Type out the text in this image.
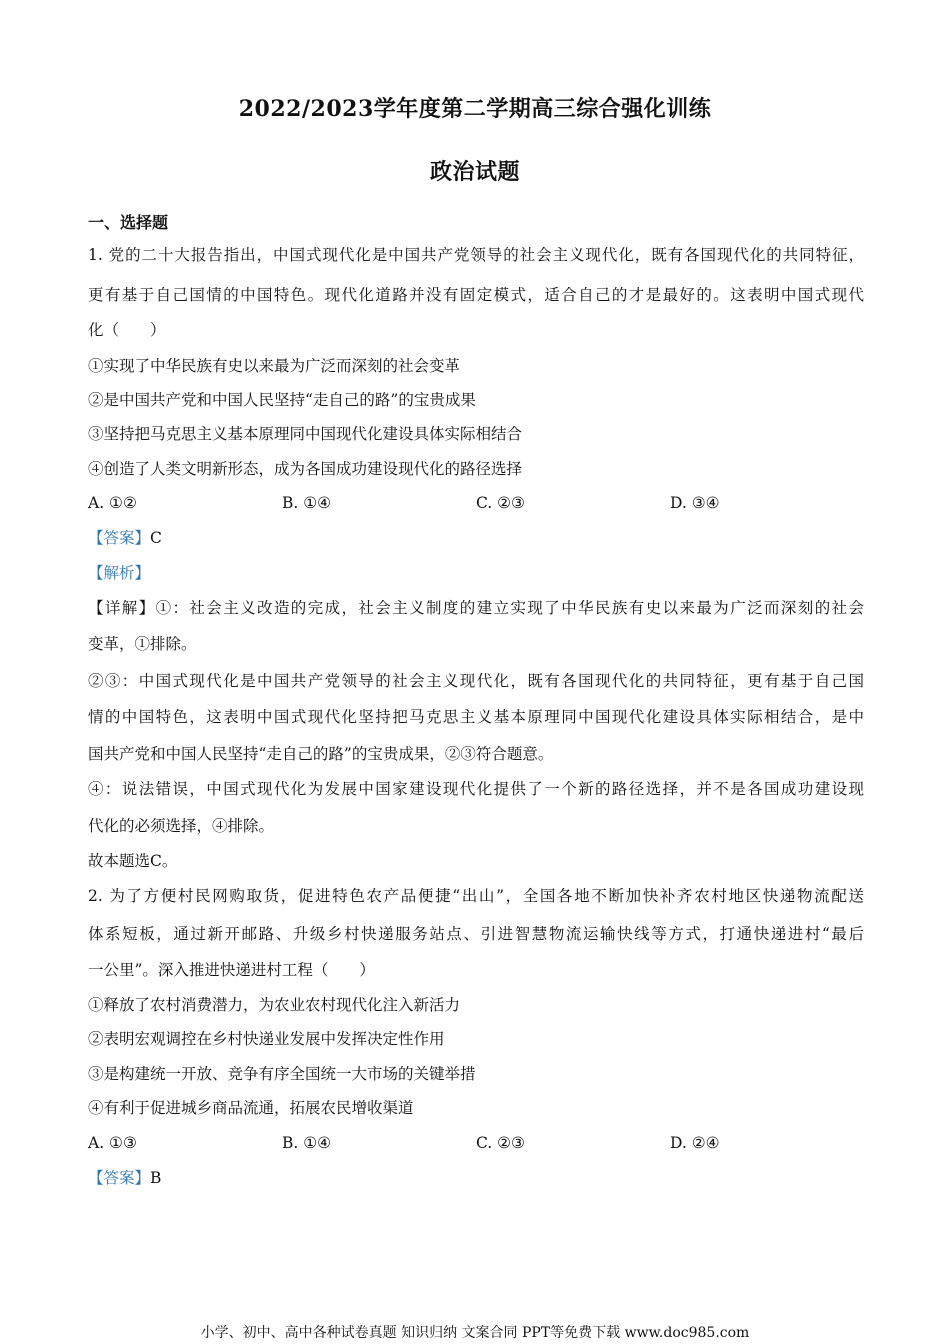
2022/2023学年度第二学期高三综合强化训练
政治试题
一、选择题
1. 党的二十大报告指出，中国式现代化是中国共产党领导的社会主义现代化，既有各国现代化的共同特征，
更有基于自己国情的中国特色。现代化道路并没有固定模式，适合自己的才是最好的。这表明中国式现代
化（　　）
①实现了中华民族有史以来最为广泛而深刻的社会变革
②是中国共产党和中国人民坚持“走自己的路”的宝贵成果
③坚持把马克思主义基本原理同中国现代化建设具体实际相结合
④创造了人类文明新形态，成为各国成功建设现代化的路径选择
A. ①②	B. ①④	C. ②③	D. ③④
【答案】C
【解析】
【详解】①：社会主义改造的完成，社会主义制度的建立实现了中华民族有史以来最为广泛而深刻的社会
变革，①排除。
②③：中国式现代化是中国共产党领导的社会主义现代化，既有各国现代化的共同特征，更有基于自己国
情的中国特色，这表明中国式现代化坚持把马克思主义基本原理同中国现代化建设具体实际相结合，是中
国共产党和中国人民坚持“走自己的路”的宝贵成果，②③符合题意。
④：说法错误，中国式现代化为发展中国家建设现代化提供了一个新的路径选择，并不是各国成功建设现
代化的必须选择，④排除。
故本题选C。
2. 为了方便村民网购取货，促进特色农产品便捷“出山”，全国各地不断加快补齐农村地区快递物流配送
体系短板，通过新开邮路、升级乡村快递服务站点、引进智慧物流运输快线等方式，打通快递进村“最后
一公里”。深入推进快递进村工程（　　）
①释放了农村消费潜力，为农业农村现代化注入新活力
②表明宏观调控在乡村快递业发展中发挥决定性作用
③是构建统一开放、竞争有序全国统一大市场的关键举措
④有利于促进城乡商品流通，拓展农民增收渠道
A. ①③	B. ①④	C. ②③	D. ②④
【答案】B
小学、初中、高中各种试卷真题 知识归纳 文案合同 PPT等免费下载 www.doc985.com
